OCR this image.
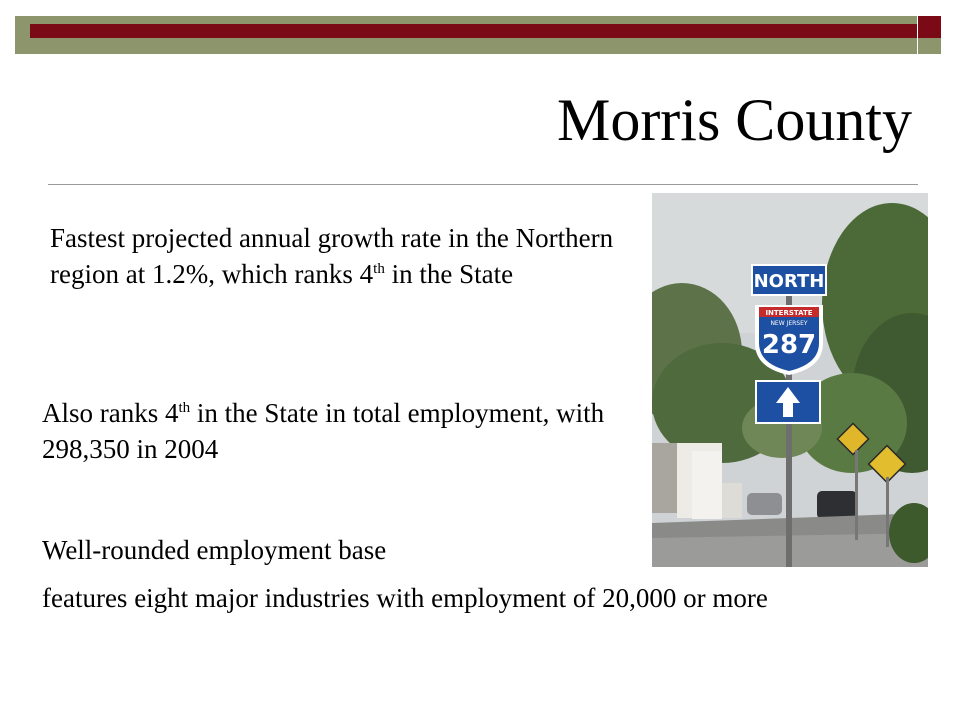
Morris County

Fastest projected annual growth rate in the Northern region at 1.2%, which ranks 4th in the State

Also ranks 4th in the State in total employment, with 298,350 in 2004

Well-rounded employment base

features eight major industries with employment of 20,000 or more

NORTH
INTERSTATE
NEW JERSEY
287
